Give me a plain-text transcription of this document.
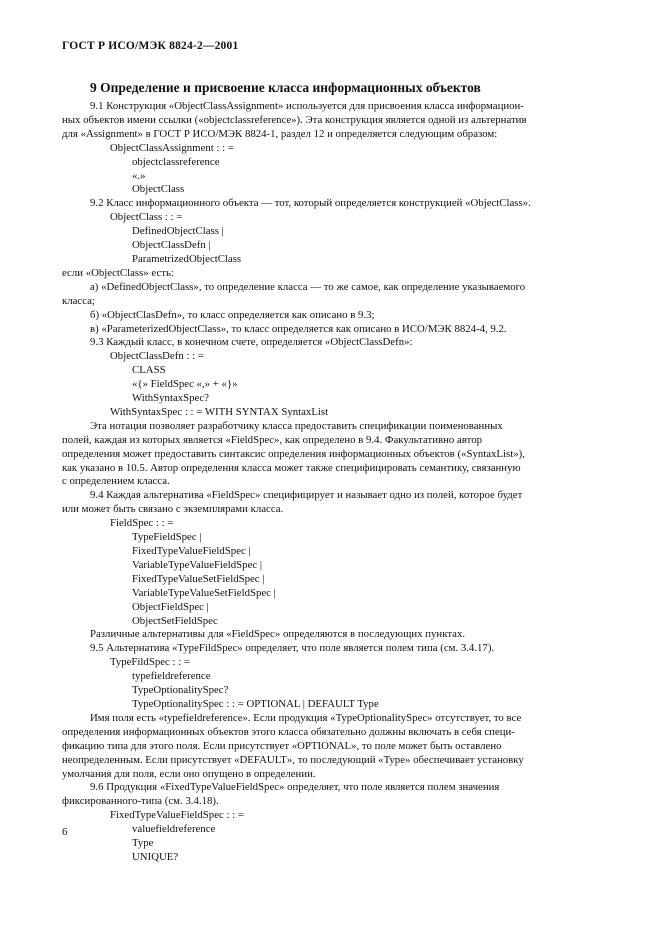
ГОСТ Р ИСО/МЭК 8824-2—2001
9 Определение и присвоение класса информационных объектов
9.1 Конструкция «ObjectClassAssignment» используется для присвоения класса информацион-
ных объектов имени ссылки («objectclassreference»). Эта конструкция является одной из альтернатив
для «Assignment» в ГОСТ Р ИСО/МЭК 8824-1, раздел 12 и определяется следующим образом:
ObjectClassAssignment : : =
objectclassreference
«.»
ObjectClass
9.2 Класс информационного объекта — тот, который определяется конструкцией «ObjectClass».
ObjectClass : : =
DefinedObjectClass |
ObjectClassDefn |
ParametrizedObjectClass
если «ObjectClass» есть:
а) «DefinedObjectClass», то определение класса — то же самое, как определение указываемого
класса;
б) «ObjectClasDefn», то класс определяется как описано в 9.3;
в) «ParameterizedObjectClass», то класс определяется как описано в ИСО/МЭК 8824-4, 9.2.
9.3 Каждый класс, в конечном счете, определяется «ObjectClassDefn»:
ObjectClassDefn : : =
CLASS
«{» FieldSpec «,» + «}»
WithSyntaxSpec?
WithSyntaxSpec : : = WITH SYNTAX SyntaxList
Эта нотация позволяет разработчику класса предоставить спецификации поименованных
полей, каждая из которых является «FieldSpec», как определено в 9.4. Факультативно автор
определения может предоставить синтаксис определения информационных объектов («SyntaxList»),
как указано в 10.5. Автор определения класса может также специфицировать семантику, связанную
с определением класса.
9.4 Каждая альтернатива «FieldSpec» специфицирует и называет одно из полей, которое будет
или может быть связано с экземплярами класса.
FieldSpec : : =
TypeFieldSpec |
FixedTypeValueFieldSpec |
VariableTypeValueFieldSpec |
FixedTypeValueSetFieldSpec |
VariableTypeValueSetFieldSpec |
ObjectFieldSpec |
ObjectSetFieldSpec
Различные альтернативы для «FieldSpec» определяются в последующих пунктах.
9.5 Альтернатива «TypeFildSpec» определяет, что поле является полем типа (см. 3.4.17).
TypeFildSpec : : =
typefieldreference
TypeOptionalitySpec?
TypeOptionalitySpec : : = OPTIONAL | DEFAULT Type
Имя поля есть «typefieldreference». Если продукция «TypeOptionalitySpec» отсутствует, то все
определения информационных объектов этого класса обязательно должны включать в себя специ-
фикацию типа для этого поля. Если присутствует «OPTIONAL», то поле может быть оставлено
неопределенным. Если присутствует «DEFAULT», то последующий «Type» обеспечивает установку
умолчания для поля, если оно опущено в определении.
9.6 Продукция «FixedTypeValueFieldSpec» определяет, что поле является полем значения
фиксированного-типа (см. 3.4.18).
FixedTypeValueFieldSpec : : =
valuefieldreference
Type
UNIQUE?
6
